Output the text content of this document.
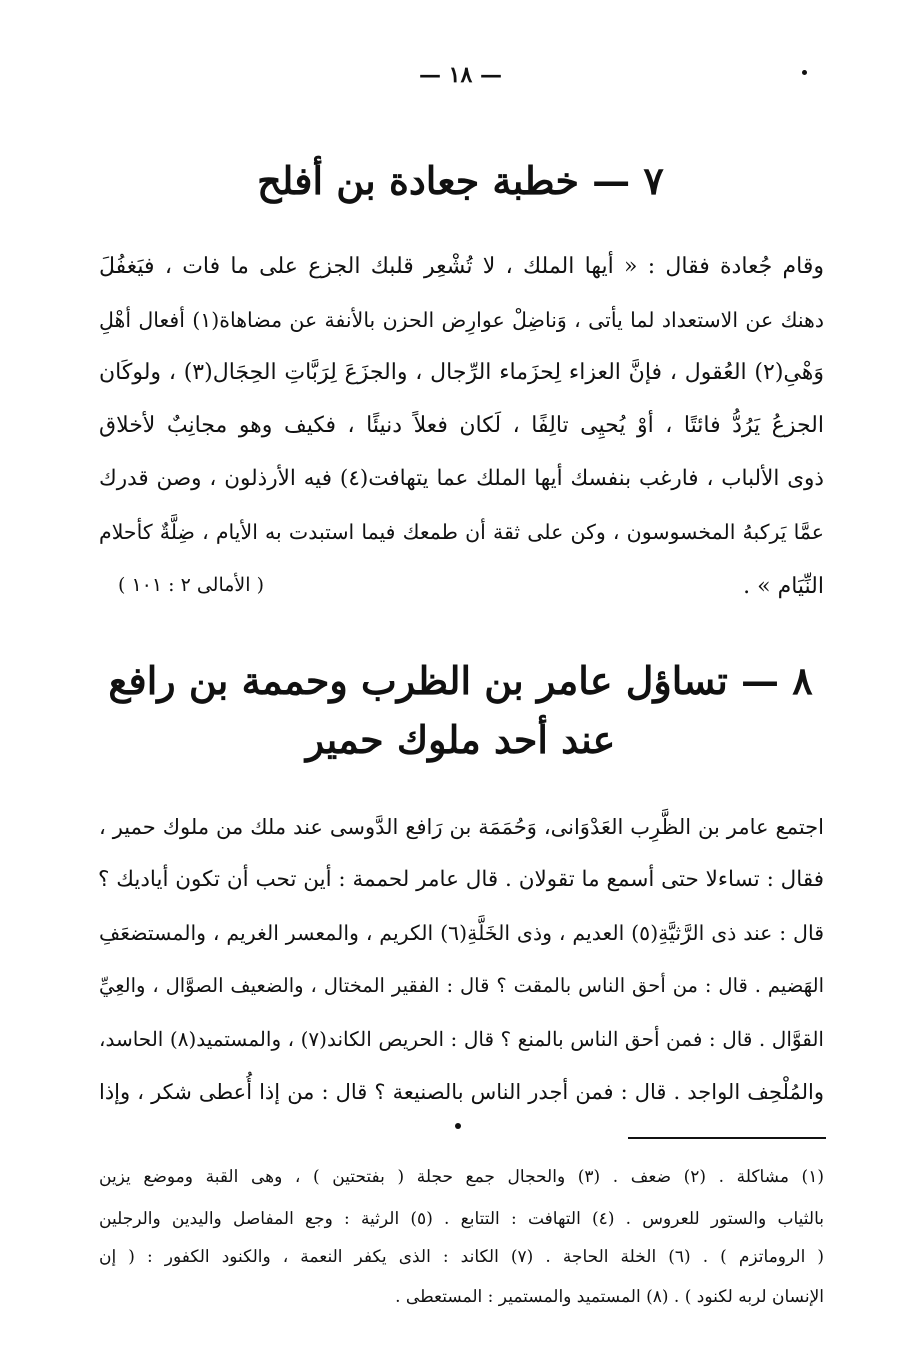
— ١٨ —
٧ — خطبة جعادة بن أفلح
وقام جُعادة فقال : « أيها الملك ، لا تُشْعِر قلبك الجزع على ما فات ، فيَغفُلَ
دهنك عن الاستعداد لما يأتى ، وَناضِلْ عوارِض الحزن بالأنفة عن مضاهاة(١) أفعال أهْلِ
وَهْىِ(٢) العُقول ، فإنَّ العزاء لِحزَماء الرِّجال ، والجزَعَ لِرَبَّاتِ الحِجَال(٣) ، ولوكَان
الجزعُ يَرُدُّ فائتًا ، أوْ يُحيِى تالِفًا ، لَكان فعلاً دنيئًا ، فكيف وهو مجانِبٌ لأخلاق
ذوى الألباب ، فارغب بنفسك أيها الملك عما يتهافت(٤) فيه الأرذلون ، وصن قدرك
عمَّا يَركبهُ المخسوسون ، وكن على ثقة أن طمعك فيما استبدت به الأيام ، ضِلَّةٌ كأحلام
النِّيَام » .
( الأمالى ٢ : ١٠١ )
٨ — تساؤل عامر بن الظرب وحممة بن رافع
عند أحد ملوك حمير
اجتمع عامر بن الظَّرِب العَدْوَانى، وَحُمَمَة بن رَافع الدَّوسى عند ملك من ملوك حمير ،
فقال : تساءلا حتى أسمع ما تقولان . قال عامر لحممة : أين تحب أن تكون أياديك ؟
قال : عند ذى الرَّثيَّةِ(٥) العديم ، وذى الخَلَّةِ(٦) الكريم ، والمعسر الغريم ، والمستضعَفِ
الهَضيم . قال : من أحق الناس بالمقت ؟ قال : الفقير المختال ، والضعيف الصوَّال ، والعِيِّ
القوَّال . قال : فمن أحق الناس بالمنع ؟ قال : الحريص الكاند(٧) ، والمستميد(٨) الحاسد،
والمُلْحِف الواجد . قال : فمن أجدر الناس بالصنيعة ؟ قال : من إذا أُعطى شكر ، وإذا
(١) مشاكلة . (٢) ضعف . (٣) والحجال جمع حجلة ( بفتحتين ) ، وهى القبة وموضع يزين
بالثياب والستور للعروس . (٤) التهافت : التتابع . (٥) الرثية : وجع المفاصل واليدين والرجلين
( الروماتزم ) . (٦) الخلة الحاجة . (٧) الكاند : الذى يكفر النعمة ، والكنود الكفور : ( إن
الإنسان لربه لكنود ) . (٨) المستميد والمستمير : المستعطى .
